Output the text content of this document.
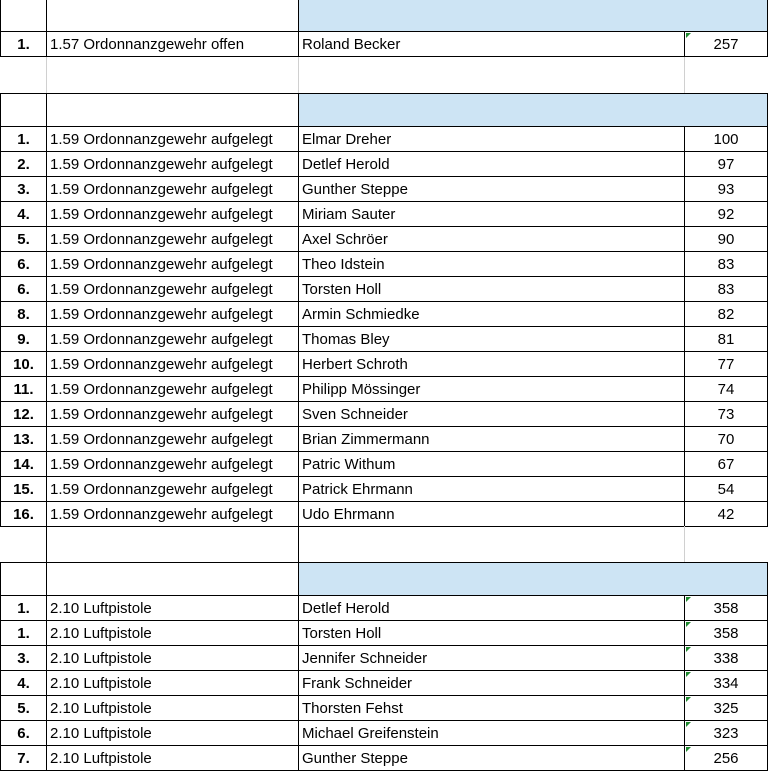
1.	1.57 Ordonnanzgewehr offen	Roland Becker	257
1.	1.59 Ordonnanzgewehr aufgelegt	Elmar Dreher	100
2.	1.59 Ordonnanzgewehr aufgelegt	Detlef Herold	97
3.	1.59 Ordonnanzgewehr aufgelegt	Gunther Steppe	93
4.	1.59 Ordonnanzgewehr aufgelegt	Miriam Sauter	92
5.	1.59 Ordonnanzgewehr aufgelegt	Axel Schröer	90
6.	1.59 Ordonnanzgewehr aufgelegt	Theo Idstein	83
6.	1.59 Ordonnanzgewehr aufgelegt	Torsten Holl	83
8.	1.59 Ordonnanzgewehr aufgelegt	Armin Schmiedke	82
9.	1.59 Ordonnanzgewehr aufgelegt	Thomas Bley	81
10.	1.59 Ordonnanzgewehr aufgelegt	Herbert Schroth	77
11.	1.59 Ordonnanzgewehr aufgelegt	Philipp Mössinger	74
12.	1.59 Ordonnanzgewehr aufgelegt	Sven Schneider	73
13.	1.59 Ordonnanzgewehr aufgelegt	Brian Zimmermann	70
14.	1.59 Ordonnanzgewehr aufgelegt	Patric Withum	67
15.	1.59 Ordonnanzgewehr aufgelegt	Patrick Ehrmann	54
16.	1.59 Ordonnanzgewehr aufgelegt	Udo Ehrmann	42
1.	2.10 Luftpistole	Detlef Herold	358
1.	2.10 Luftpistole	Torsten Holl	358
3.	2.10 Luftpistole	Jennifer Schneider	338
4.	2.10 Luftpistole	Frank Schneider	334
5.	2.10 Luftpistole	Thorsten Fehst	325
6.	2.10 Luftpistole	Michael Greifenstein	323
7.	2.10 Luftpistole	Gunther Steppe	256
